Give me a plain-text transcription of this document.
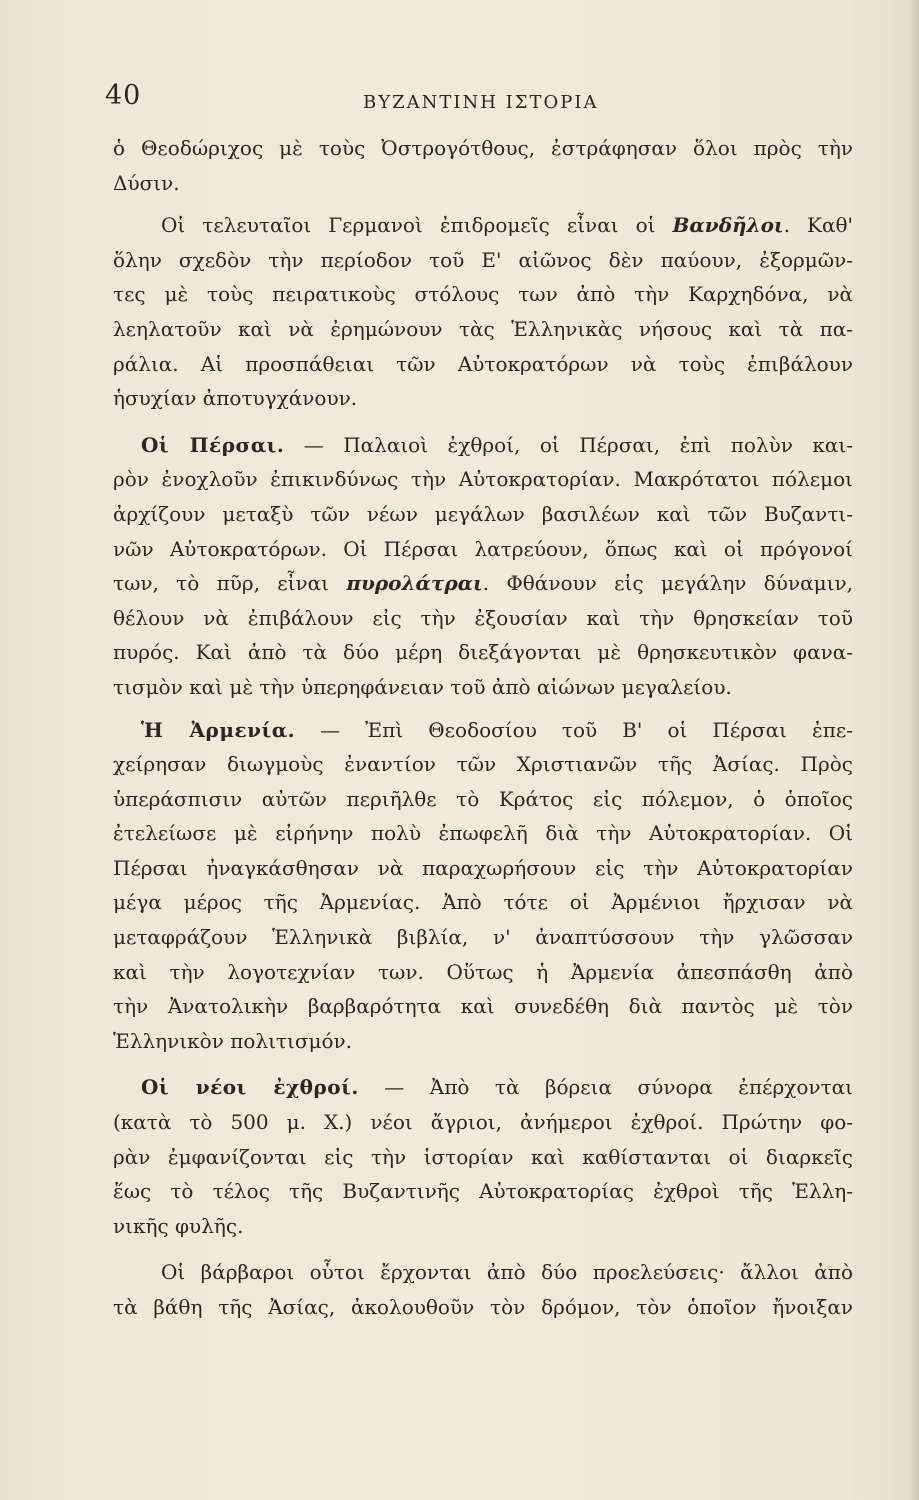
40	ΒΥΖΑΝΤΙΝΗ ΙΣΤΟΡΙΑ
ὁ Θεοδώριχος μὲ τοὺς Ὀστρογότθους, ἐστράφησαν ὅλοι πρὸς τὴν
Δύσιν.
Οἱ τελευταῖοι Γερμανοὶ ἐπιδρομεῖς εἶναι οἱ Βανδῆλοι. Καθ'
ὅλην σχεδὸν τὴν περίοδον τοῦ Ε' αἰῶνος δὲν παύουν, ἐξορμῶν-
τες μὲ τοὺς πειρατικοὺς στόλους των ἀπὸ τὴν Καρχηδόνα, νὰ
λεηλατοῦν καὶ νὰ ἐρημώνουν τὰς Ἑλληνικὰς νήσους καὶ τὰ πα-
ράλια. Αἱ προσπάθειαι τῶν Αὐτοκρατόρων νὰ τοὺς ἐπιβάλουν
ἡσυχίαν ἀποτυγχάνουν.
Οἱ Πέρσαι. — Παλαιοὶ ἐχθροί, οἱ Πέρσαι, ἐπὶ πολὺν και-
ρὸν ἐνοχλοῦν ἐπικινδύνως τὴν Αὐτοκρατορίαν. Μακρότατοι πόλεμοι
ἀρχίζουν μεταξὺ τῶν νέων μεγάλων βασιλέων καὶ τῶν Βυζαντι-
νῶν Αὐτοκρατόρων. Οἱ Πέρσαι λατρεύουν, ὅπως καὶ οἱ πρόγονοί
των, τὸ πῦρ, εἶναι πυρολάτραι. Φθάνουν εἰς μεγάλην δύναμιν,
θέλουν νὰ ἐπιβάλουν εἰς τὴν ἐξουσίαν καὶ τὴν θρησκείαν τοῦ
πυρός. Καὶ ἀπὸ τὰ δύο μέρη διεξάγονται μὲ θρησκευτικὸν φανα-
τισμὸν καὶ μὲ τὴν ὑπερηφάνειαν τοῦ ἀπὸ αἰώνων μεγαλείου.
Ἡ Ἀρμενία. — Ἐπὶ Θεοδοσίου τοῦ Β' οἱ Πέρσαι ἐπε-
χείρησαν διωγμοὺς ἐναντίον τῶν Χριστιανῶν τῆς Ἀσίας. Πρὸς
ὑπεράσπισιν αὐτῶν περιῆλθε τὸ Κράτος εἰς πόλεμον, ὁ ὁποῖος
ἐτελείωσε μὲ εἰρήνην πολὺ ἐπωφελῆ διὰ τὴν Αὐτοκρατορίαν. Οἱ
Πέρσαι ἠναγκάσθησαν νὰ παραχωρήσουν εἰς τὴν Αὐτοκρατορίαν
μέγα μέρος τῆς Ἀρμενίας. Ἀπὸ τότε οἱ Ἀρμένιοι ἤρχισαν νὰ
μεταφράζουν Ἑλληνικὰ βιβλία, ν' ἀναπτύσσουν τὴν γλῶσσαν
καὶ τὴν λογοτεχνίαν των. Οὕτως ἡ Ἀρμενία ἀπεσπάσθη ἀπὸ
τὴν Ἀνατολικὴν βαρβαρότητα καὶ συνεδέθη διὰ παντὸς μὲ τὸν
Ἑλληνικὸν πολιτισμόν.
Οἱ νέοι ἐχθροί. — Ἀπὸ τὰ βόρεια σύνορα ἐπέρχονται
(κατὰ τὸ 500 μ. Χ.) νέοι ἄγριοι, ἀνήμεροι ἐχθροί. Πρώτην φο-
ρὰν ἐμφανίζονται εἰς τὴν ἱστορίαν καὶ καθίστανται οἱ διαρκεῖς
ἕως τὸ τέλος τῆς Βυζαντινῆς Αὐτοκρατορίας ἐχθροὶ τῆς Ἑλλη-
νικῆς φυλῆς.
Οἱ βάρβαροι οὗτοι ἔρχονται ἀπὸ δύο προελεύσεις· ἄλλοι ἀπὸ
τὰ βάθη τῆς Ἀσίας, ἀκολουθοῦν τὸν δρόμον, τὸν ὁποῖον ἤνοιξαν
